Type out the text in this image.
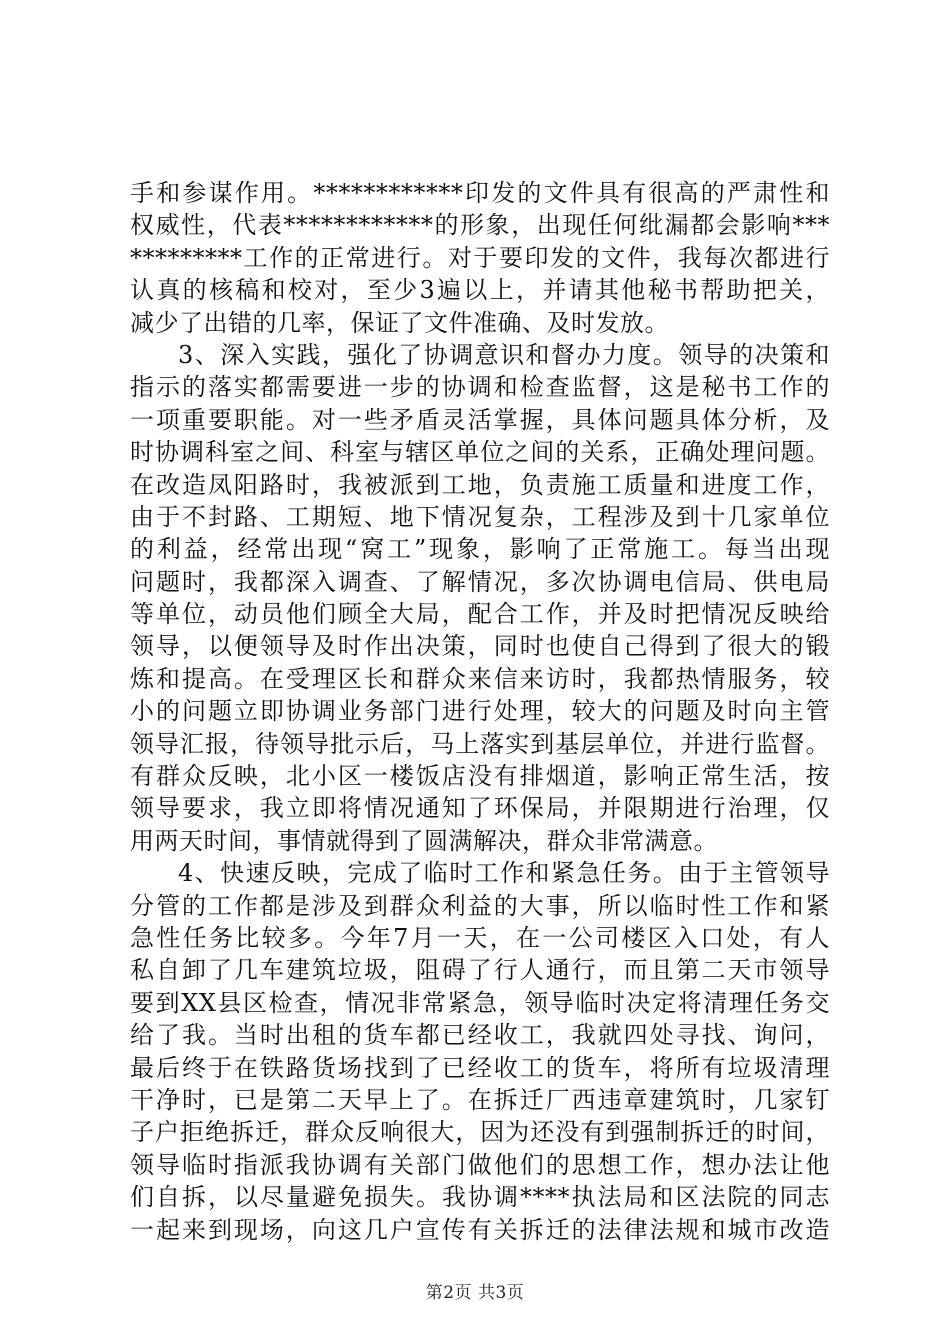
手和参谋作用。************印发的文件具有很高的严肃性和
权威性，代表************的形象，出现任何纰漏都会影响***
*********工作的正常进行。对于要印发的文件，我每次都进行
认真的核稿和校对，至少3遍以上，并请其他秘书帮助把关，
减少了出错的几率，保证了文件准确、及时发放。
3、深入实践，强化了协调意识和督办力度。领导的决策和
指示的落实都需要进一步的协调和检查监督，这是秘书工作的
一项重要职能。对一些矛盾灵活掌握，具体问题具体分析，及
时协调科室之间、科室与辖区单位之间的关系，正确处理问题。
在改造凤阳路时，我被派到工地，负责施工质量和进度工作，
由于不封路、工期短、地下情况复杂，工程涉及到十几家单位
的利益，经常出现“窝工”现象，影响了正常施工。每当出现
问题时，我都深入调查、了解情况，多次协调电信局、供电局
等单位，动员他们顾全大局，配合工作，并及时把情况反映给
领导，以便领导及时作出决策，同时也使自己得到了很大的锻
炼和提高。在受理区长和群众来信来访时，我都热情服务，较
小的问题立即协调业务部门进行处理，较大的问题及时向主管
领导汇报，待领导批示后，马上落实到基层单位，并进行监督。
有群众反映，北小区一楼饭店没有排烟道，影响正常生活，按
领导要求，我立即将情况通知了环保局，并限期进行治理，仅
用两天时间，事情就得到了圆满解决，群众非常满意。
4、快速反映，完成了临时工作和紧急任务。由于主管领导
分管的工作都是涉及到群众利益的大事，所以临时性工作和紧
急性任务比较多。今年7月一天，在一公司楼区入口处，有人
私自卸了几车建筑垃圾，阻碍了行人通行，而且第二天市领导
要到XX县区检查，情况非常紧急，领导临时决定将清理任务交
给了我。当时出租的货车都已经收工，我就四处寻找、询问，
最后终于在铁路货场找到了已经收工的货车，将所有垃圾清理
干净时，已是第二天早上了。在拆迁厂西违章建筑时，几家钉
子户拒绝拆迁，群众反响很大，因为还没有到强制拆迁的时间，
领导临时指派我协调有关部门做他们的思想工作，想办法让他
们自拆，以尽量避免损失。我协调****执法局和区法院的同志
一起来到现场，向这几户宣传有关拆迁的法律法规和城市改造
第2页 共3页
